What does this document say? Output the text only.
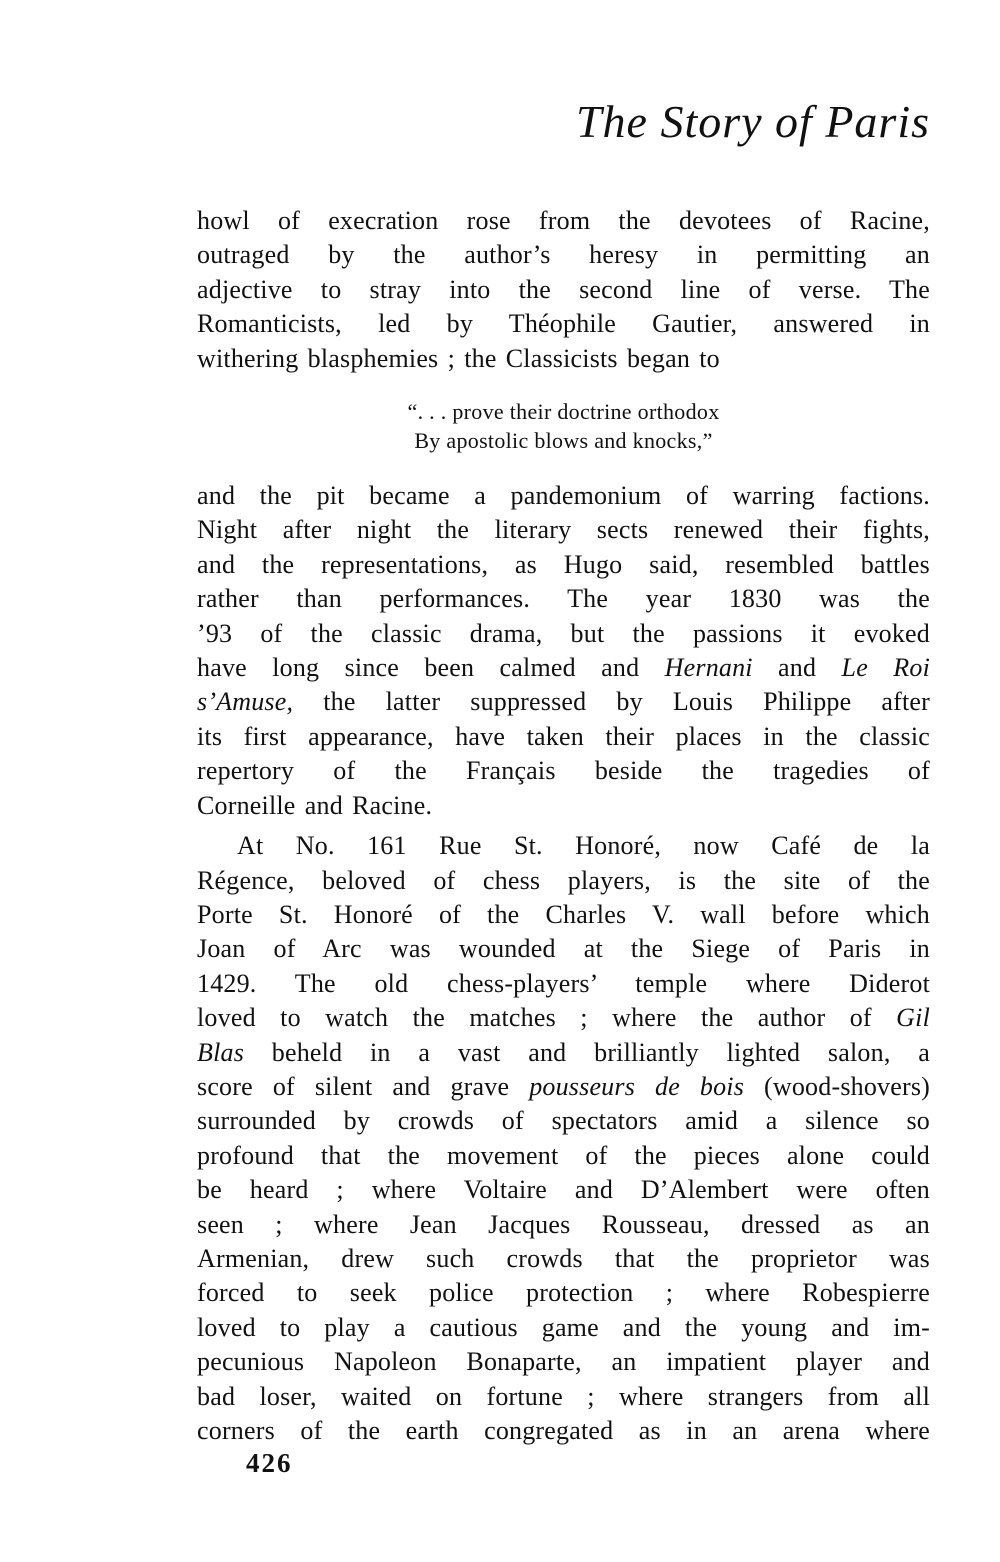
The Story of Paris
howl of execration rose from the devotees of Racine,
outraged by the author’s heresy in permitting an
adjective to stray into the second line of verse. The
Romanticists, led by Théophile Gautier, answered in
withering blasphemies ; the Classicists began to
“. . . prove their doctrine orthodox
By apostolic blows and knocks,”
and the pit became a pandemonium of warring factions.
Night after night the literary sects renewed their fights,
and the representations, as Hugo said, resembled battles
rather than performances. The year 1830 was the
’93 of the classic drama, but the passions it evoked
have long since been calmed and Hernani and Le Roi
s’Amuse, the latter suppressed by Louis Philippe after
its first appearance, have taken their places in the classic
repertory of the Français beside the tragedies of
Corneille and Racine.
At No. 161 Rue St. Honoré, now Café de la
Régence, beloved of chess players, is the site of the
Porte St. Honoré of the Charles V. wall before which
Joan of Arc was wounded at the Siege of Paris in
1429. The old chess-players’ temple where Diderot
loved to watch the matches ; where the author of Gil
Blas beheld in a vast and brilliantly lighted salon, a
score of silent and grave pousseurs de bois (wood-shovers)
surrounded by crowds of spectators amid a silence so
profound that the movement of the pieces alone could
be heard ; where Voltaire and D’Alembert were often
seen ; where Jean Jacques Rousseau, dressed as an
Armenian, drew such crowds that the proprietor was
forced to seek police protection ; where Robespierre
loved to play a cautious game and the young and im-
pecunious Napoleon Bonaparte, an impatient player and
bad loser, waited on fortune ; where strangers from all
corners of the earth congregated as in an arena where
426
